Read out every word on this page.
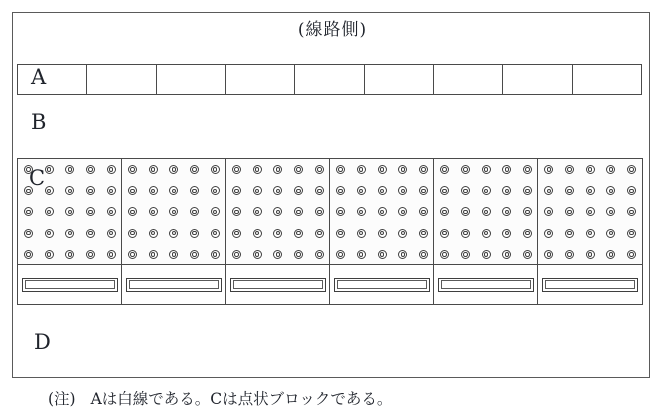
(線路側)
A
B
C
D
(注) Aは白線である。Cは点状ブロックである。
